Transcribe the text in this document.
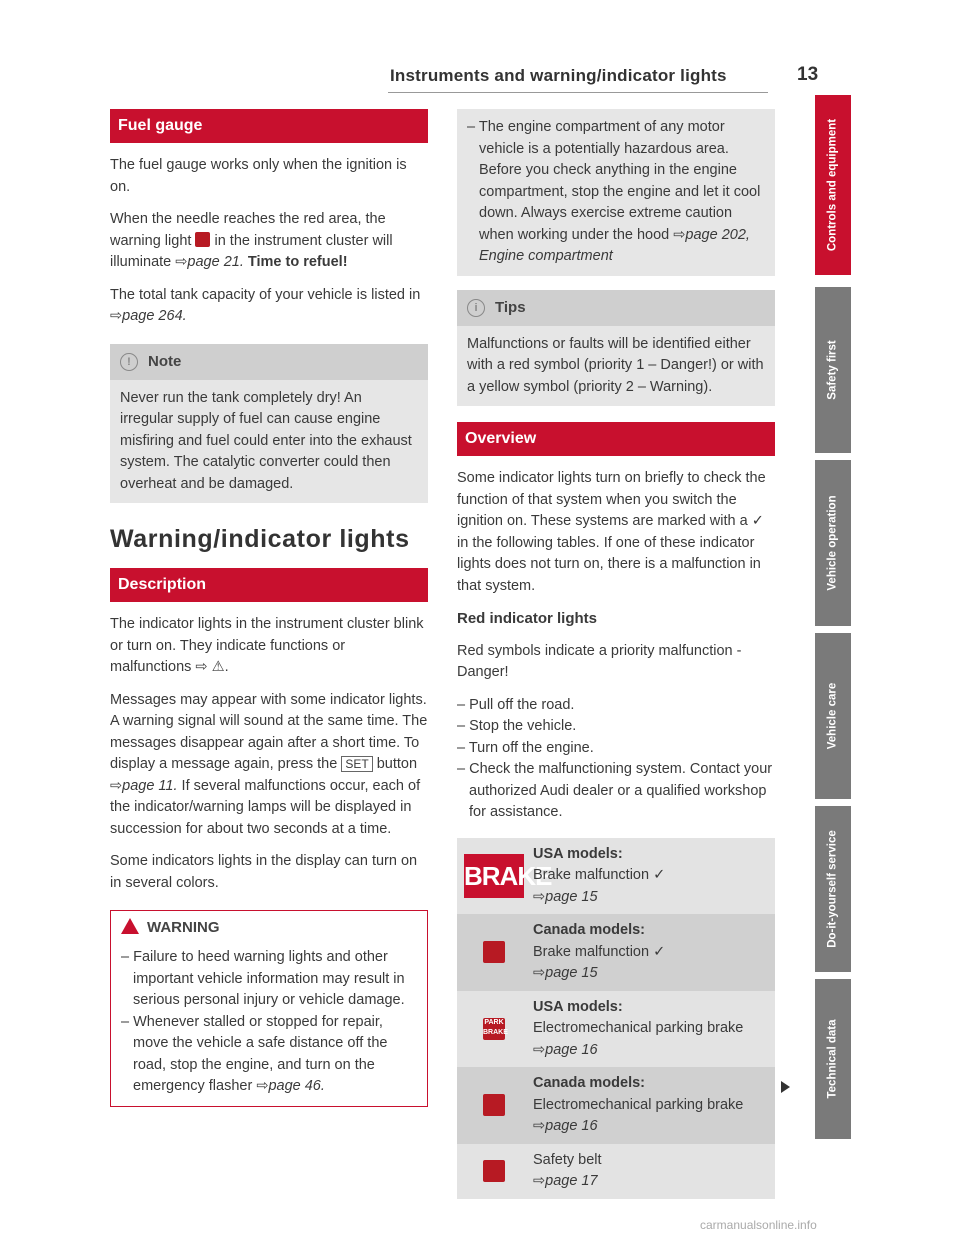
Instruments and warning/indicator lights	13
Fuel gauge

The fuel gauge works only when the ignition is on.

When the needle reaches the red area, the warning light in the instrument cluster will illuminate ⇨page 21. Time to refuel!

The total tank capacity of your vehicle is listed in ⇨page 264.

! Note
Never run the tank completely dry! An irregular supply of fuel can cause engine misfiring and fuel could enter into the exhaust system. The catalytic converter could then overheat and be damaged.
Warning/indicator lights
Description

The indicator lights in the instrument cluster blink or turn on. They indicate functions or malfunctions ⇨ ⚠.

Messages may appear with some indicator lights. A warning signal will sound at the same time. The messages disappear again after a short time. To display a message again, press the SET button ⇨page 11. If several malfunctions occur, each of the indicator/warning lamps will be displayed in succession for about two seconds at a time.

Some indicators lights in the display can turn on in several colors.

WARNING
– Failure to heed warning lights and other important vehicle information may result in serious personal injury or vehicle damage.
– Whenever stalled or stopped for repair, move the vehicle a safe distance off the road, stop the engine, and turn on the emergency flasher ⇨page 46.
– The engine compartment of any motor vehicle is a potentially hazardous area. Before you check anything in the engine compartment, stop the engine and let it cool down. Always exercise extreme caution when working under the hood ⇨page 202, Engine compartment
i Tips
Malfunctions or faults will be identified either with a red symbol (priority 1 – Danger!) or with a yellow symbol (priority 2 – Warning).
Overview

Some indicator lights turn on briefly to check the function of that system when you switch the ignition on. These systems are marked with a ✓ in the following tables. If one of these indicator lights does not turn on, there is a malfunction in that system.

Red indicator lights

Red symbols indicate a priority malfunction - Danger!

– Pull off the road.
– Stop the vehicle.
– Turn off the engine.
– Check the malfunctioning system. Contact your authorized Audi dealer or a qualified workshop for assistance.
BRAKE
USA models:
Brake malfunction ✓
⇨page 15
Canada models:
Brake malfunction ✓
⇨page 15
PARK BRAKE
USA models:
Electromechanical parking brake
⇨page 16
Canada models:
Electromechanical parking brake
⇨page 16
Safety belt
⇨page 17
Controls and equipment
Safety first
Vehicle operation
Vehicle care
Do-it-yourself service
Technical data
carmanualsonline.info
